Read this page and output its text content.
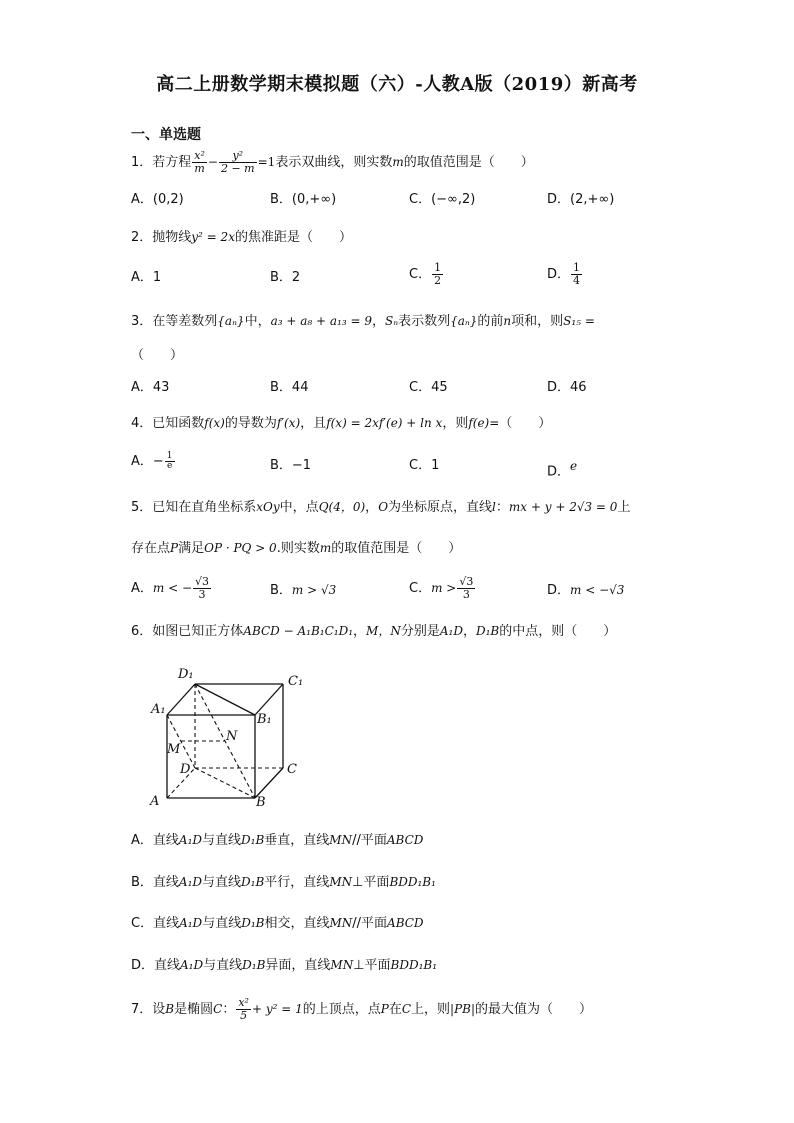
高二上册数学期末模拟题（六）-人教A版（2019）新高考
一、单选题
1．若方程 $\frac{\text{x²}}{m} - \frac{\text{y²}}{2 - m} =1$表示双曲线，则实数m的取值范围是（　　）
A．(0,2)	B．(0,+∞)	C．(−∞,2)	D．(2,+∞)
2．抛物线y² = 2x的焦准距是（　　）
A．1	B．2	C． $\frac{1}{2}$	D． $\frac{1}{4}$
3．在等差数列{aₙ}中，a₃ + a₈ + a₁₃ = 9，Sₙ表示数列{aₙ}的前n项和，则S₁₅ =
（　　）
A．43	B．44	C．45	D．46
4．已知函数f(x)的导数为f′(x)，且f(x) = 2xf′(e) + ln x，则f(e)=（　　）
A．− $\frac{1}{e}$	B．−1	C．1	D．$^e$
5．已知在直角坐标系xOy中，点Q(4，0)，O为坐标原点，直线l：mx + y + 2√3 = 0上
存在点P满足OP · PQ > 0.则实数m的取值范围是（　　）
A．m < − $\frac{√3}{3}$	B．m > √3	C．$m > \frac{√3}{3}$	D．m < −√3
6．如图已知正方体ABCD − A₁B₁C₁D₁，M，N分别是A₁D，D₁B的中点，则（　　）
D₁	C₁
A₁
B₁
M
N
D	C
A	B
A．直线A₁D与直线D₁B垂直，直线MN//平面ABCD
B．直线A₁D与直线D₁B平行，直线MN⊥平面BDD₁B₁
C．直线A₁D与直线D₁B相交，直线MN//平面ABCD
D．直线A₁D与直线D₁B异面，直线MN⊥平面BDD₁B₁
7．设B是椭圆C： $\frac{\text{x²}}{5} + y^2 = 1$的上顶点，点P在C上，则|PB|的最大值为（　　）
